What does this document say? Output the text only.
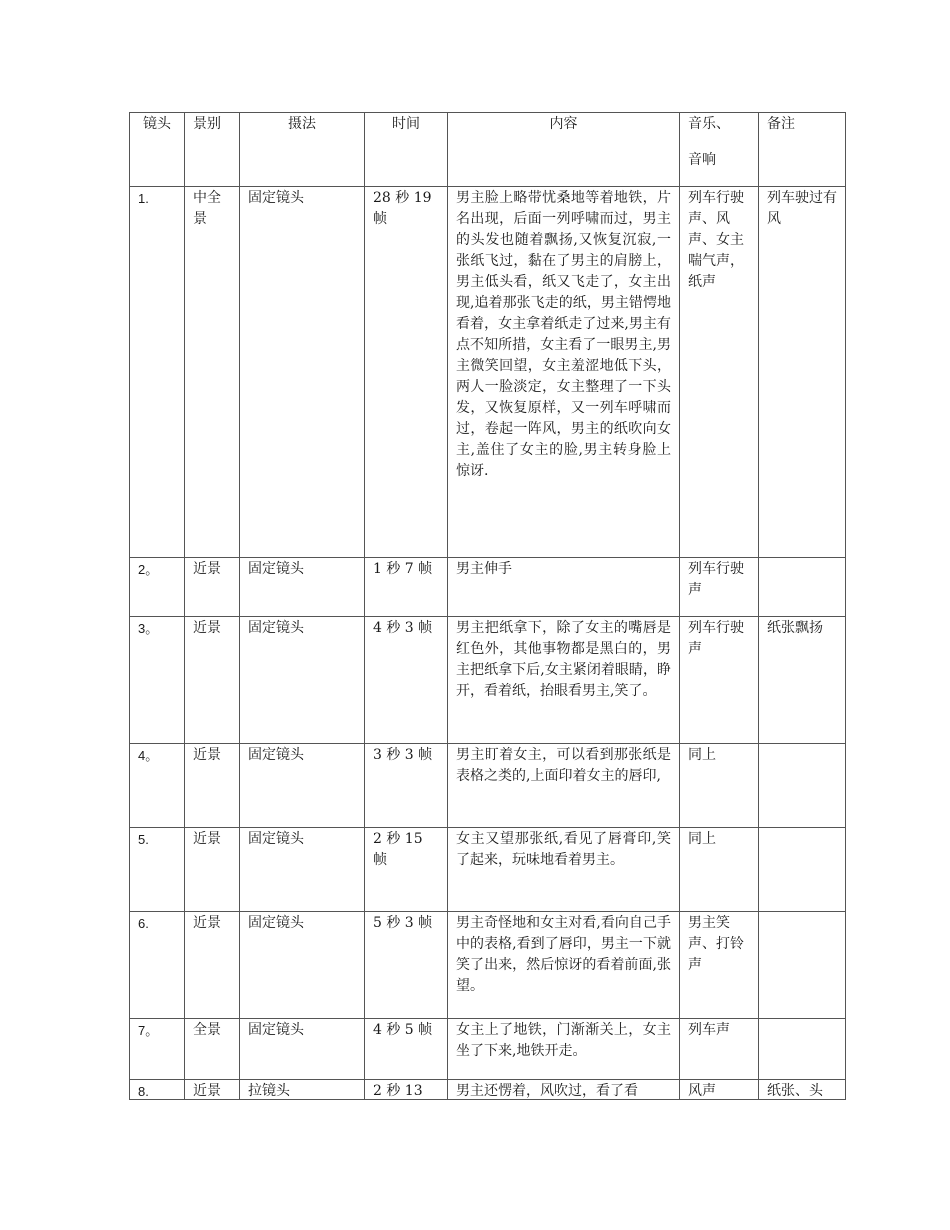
镜头	景别	摄法	时间	内容	音乐、
音响	备注
1.	中全景	固定镜头	28 秒 19 帧	男主脸上略带忧桑地等着地铁，片名出现，后面一列呼啸而过，男主的头发也随着飘扬,又恢复沉寂,一张纸飞过，黏在了男主的肩膀上，男主低头看，纸又飞走了，女主出现,追着那张飞走的纸，男主错愕地看着，女主拿着纸走了过来,男主有点不知所措，女主看了一眼男主,男主微笑回望，女主羞涩地低下头，两人一脸淡定，女主整理了一下头发，又恢复原样，又一列车呼啸而过，卷起一阵风，男主的纸吹向女主,盖住了女主的脸,男主转身脸上惊讶.	列车行驶声、风声、女主喘气声，纸声	列车驶过有风
2。	近景	固定镜头	1 秒 7 帧	男主伸手	列车行驶声	
3。	近景	固定镜头	4 秒 3 帧	男主把纸拿下，除了女主的嘴唇是红色外，其他事物都是黑白的，男主把纸拿下后,女主紧闭着眼睛，睁开，看着纸，抬眼看男主,笑了。	列车行驶声	纸张飘扬
4。	近景	固定镜头	3 秒 3 帧	男主盯着女主，可以看到那张纸是表格之类的,上面印着女主的唇印,	同上	
5.	近景	固定镜头	2 秒 15 帧	女主又望那张纸,看见了唇膏印,笑了起来，玩味地看着男主。	同上	
6.	近景	固定镜头	5 秒 3 帧	男主奇怪地和女主对看,看向自己手中的表格,看到了唇印，男主一下就笑了出来，然后惊讶的看着前面,张望。	男主笑声、打铃声	
7。	全景	固定镜头	4 秒 5 帧	女主上了地铁，门渐渐关上，女主坐了下来,地铁开走。	列车声	

8.	近景	拉镜头	2 秒 13	男主还愣着，风吹过，看了看	风声	纸张、头
